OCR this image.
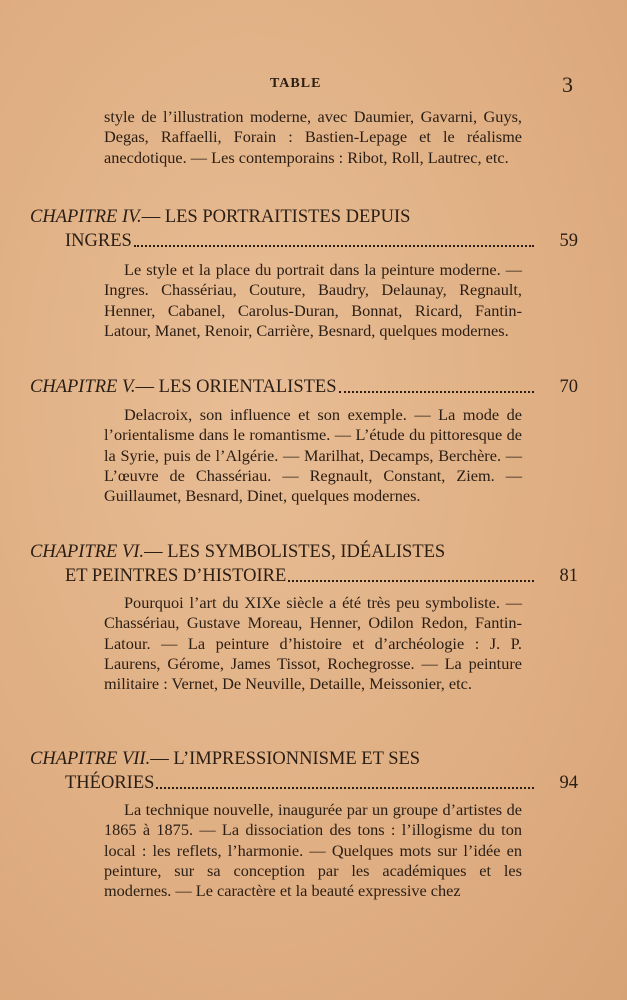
TABLE	3

style de l’illustration moderne, avec Daumier, Gavarni, Guys, Degas, Raffaelli, Forain : Bastien-Lepage et le réalisme anecdotique. — Les contemporains : Ribot, Roll, Lautrec, etc.

CHAPITRE IV. — LES PORTRAITISTES DEPUIS
INGRES	59

Le style et la place du portrait dans la peinture moderne. — Ingres. Chassériau, Couture, Baudry, Delaunay, Regnault, Henner, Cabanel, Carolus-Duran, Bonnat, Ricard, Fantin-Latour, Manet, Renoir, Carrière, Besnard, quelques modernes.

CHAPITRE V. — LES ORIENTALISTES	70

Delacroix, son influence et son exemple. — La mode de l’orientalisme dans le romantisme. — L’étude du pittoresque de la Syrie, puis de l’Algérie. — Marilhat, Decamps, Berchère. — L’œuvre de Chassériau. — Regnault, Constant, Ziem. — Guillaumet, Besnard, Dinet, quelques modernes.

CHAPITRE VI. — LES SYMBOLISTES, IDÉALISTES
ET PEINTRES D’HISTOIRE	81

Pourquoi l’art du XIXe siècle a été très peu symboliste. — Chassériau, Gustave Moreau, Henner, Odilon Redon, Fantin-Latour. — La peinture d’histoire et d’archéologie : J. P. Laurens, Gérome, James Tissot, Rochegrosse. — La peinture militaire : Vernet, De Neuville, Detaille, Meissonier, etc.

CHAPITRE VII. — L’IMPRESSIONNISME ET SES
THÉORIES	94

La technique nouvelle, inaugurée par un groupe d’artistes de 1865 à 1875. — La dissociation des tons : l’illogisme du ton local : les reflets, l’harmonie. — Quelques mots sur l’idée en peinture, sur sa conception par les académiques et les modernes. — Le caractère et la beauté expressive chez
